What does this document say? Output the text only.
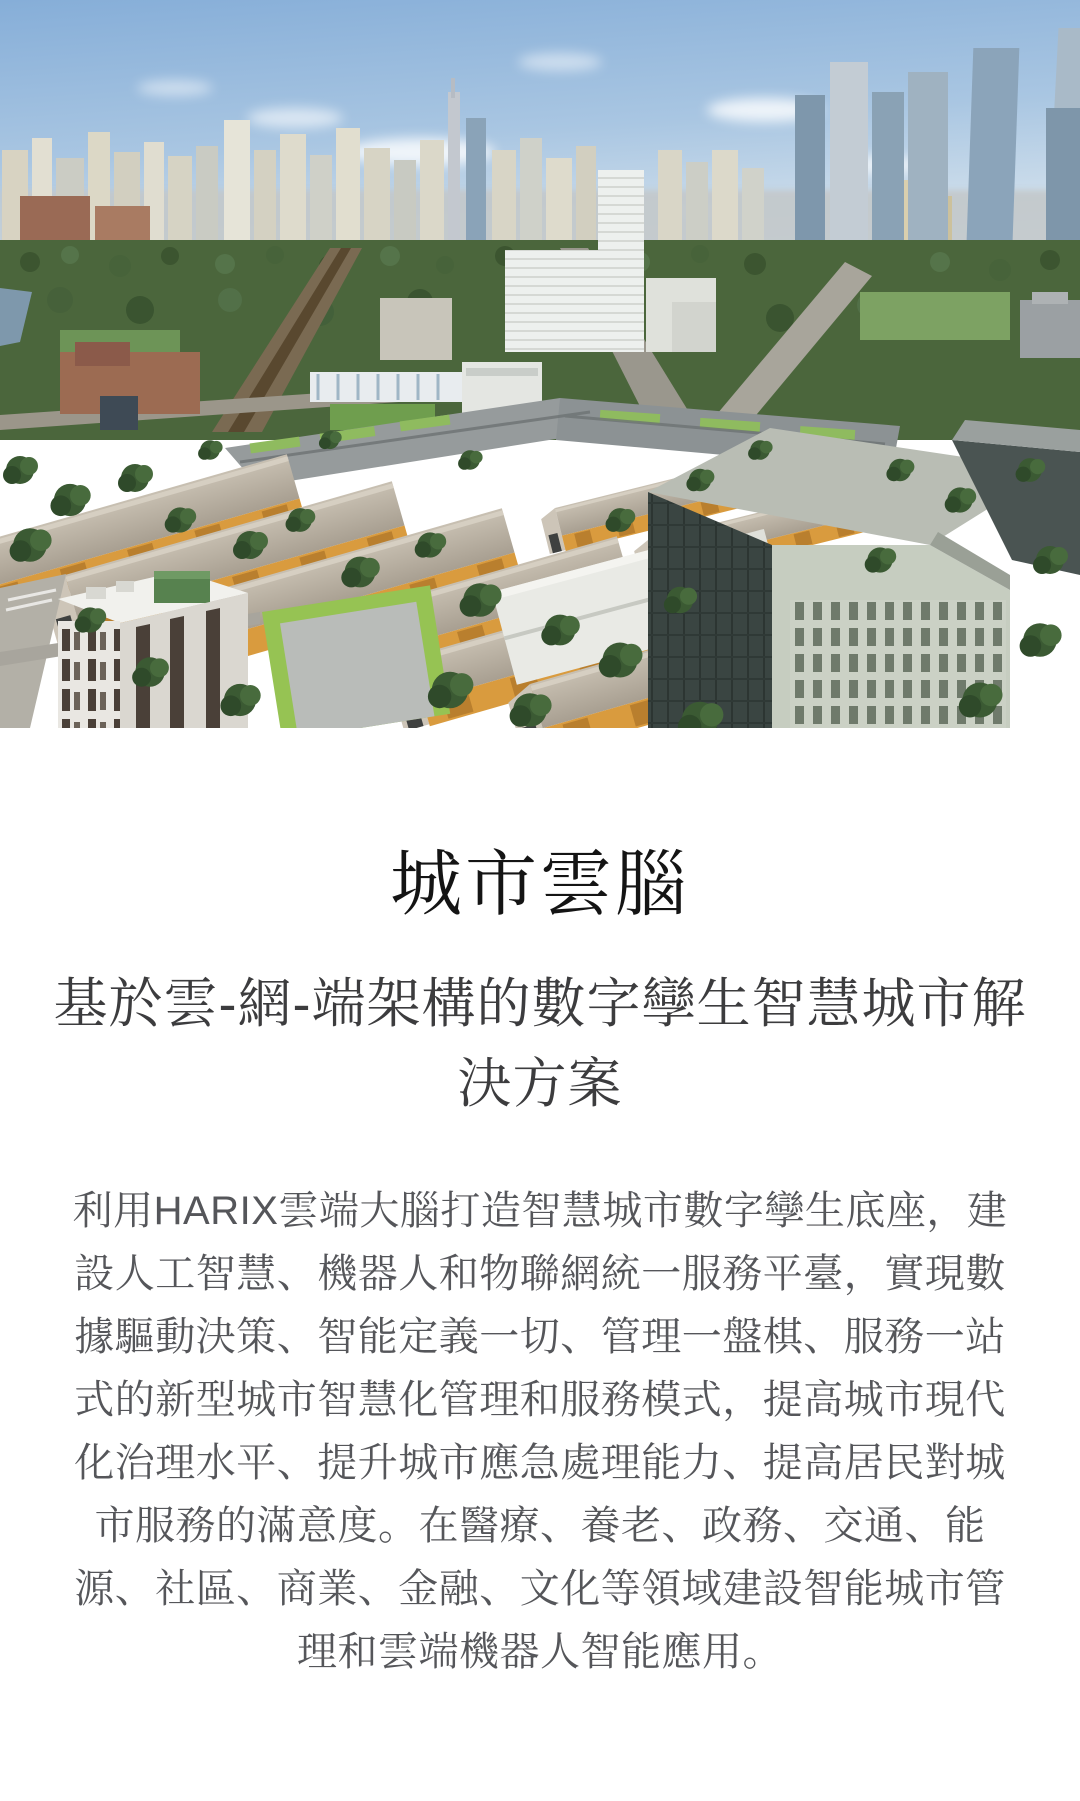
城市雲腦
基於雲-網-端架構的數字孿生智慧城市解決方案

利用HARIX雲端大腦打造智慧城市數字孿生底座，建設人工智慧、機器人和物聯網統一服務平臺，實現數據驅動決策、智能定義一切、管理一盤棋、服務一站式的新型城市智慧化管理和服務模式，提高城市現代化治理水平、提升城市應急處理能力、提高居民對城市服務的滿意度。在醫療、養老、政務、交通、能源、社區、商業、金融、文化等領域建設智能城市管理和雲端機器人智能應用。
